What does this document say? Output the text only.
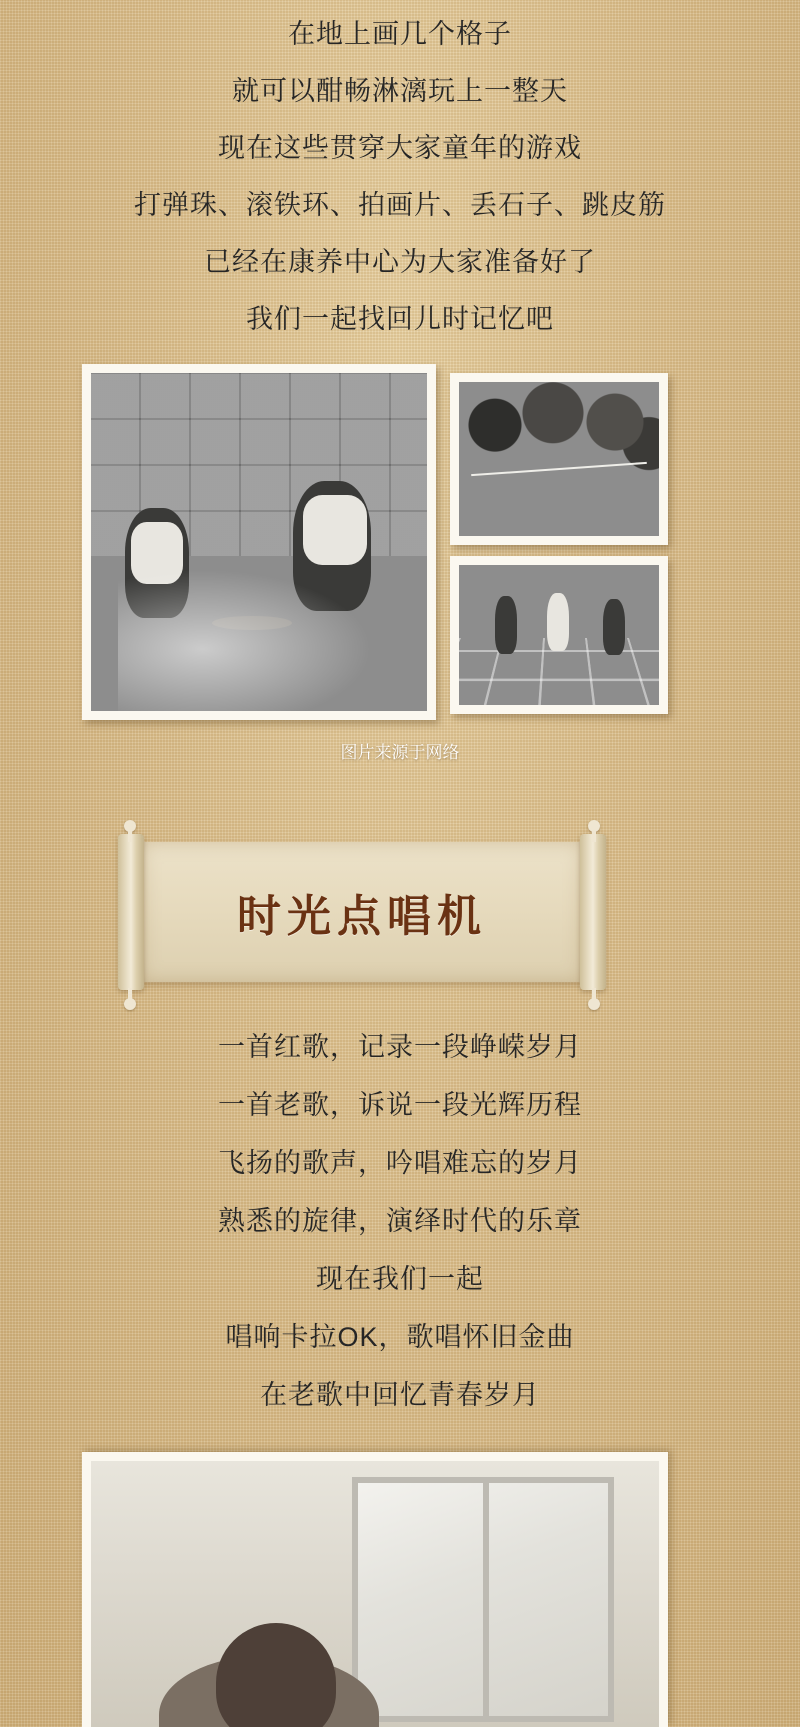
在地上画几个格子
就可以酣畅淋漓玩上一整天
现在这些贯穿大家童年的游戏
打弹珠、滚铁环、拍画片、丢石子、跳皮筋
已经在康养中心为大家准备好了
我们一起找回儿时记忆吧
图片来源于网络
时光点唱机
一首红歌，记录一段峥嵘岁月
一首老歌，诉说一段光辉历程
飞扬的歌声，吟唱难忘的岁月
熟悉的旋律，演绎时代的乐章
现在我们一起
唱响卡拉OK，歌唱怀旧金曲
在老歌中回忆青春岁月
